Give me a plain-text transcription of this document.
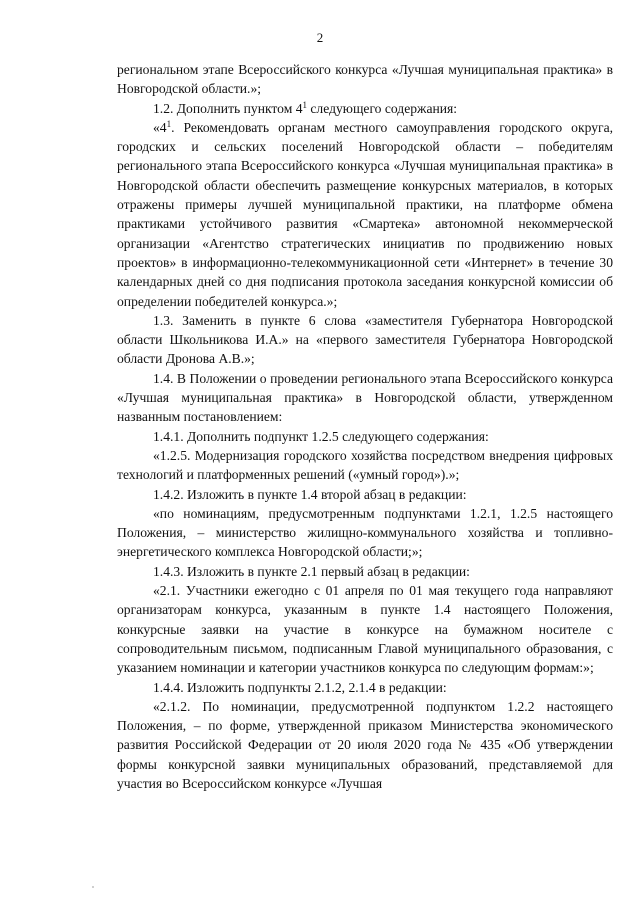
2

региональном этапе Всероссийского конкурса «Лучшая муниципальная практика» в Новгородской области.»;

1.2. Дополнить пунктом $4^1$ следующего содержания:

«$4^1$. Рекомендовать органам местного самоуправления городского округа, городских и сельских поселений Новгородской области – победителям регионального этапа Всероссийского конкурса «Лучшая муниципальная практика» в Новгородской области обеспечить размещение конкурсных материалов, в которых отражены примеры лучшей муниципальной практики, на платформе обмена практиками устойчивого развития «Смартека» автономной некоммерческой организации «Агентство стратегических инициатив по продвижению новых проектов» в информационно-телекоммуникационной сети «Интернет» в течение 30 календарных дней со дня подписания протокола заседания конкурсной комиссии об определении победителей конкурса.»;

1.3. Заменить в пункте 6 слова «заместителя Губернатора Новгородской области Школьникова И.А.» на «первого заместителя Губернатора Новгородской области Дронова А.В.»;

1.4. В Положении о проведении регионального этапа Всероссийского конкурса «Лучшая муниципальная практика» в Новгородской области, утвержденном названным постановлением:

1.4.1. Дополнить подпункт 1.2.5 следующего содержания:

«1.2.5. Модернизация городского хозяйства посредством внедрения цифровых технологий и платформенных решений («умный город»).»;

1.4.2. Изложить в пункте 1.4 второй абзац в редакции:

«по номинациям, предусмотренным подпунктами 1.2.1, 1.2.5 настоящего Положения, – министерство жилищно-коммунального хозяйства и топливно-энергетического комплекса Новгородской области;»;

1.4.3. Изложить в пункте 2.1 первый абзац в редакции:

«2.1. Участники ежегодно с 01 апреля по 01 мая текущего года направляют организаторам конкурса, указанным в пункте 1.4 настоящего Положения, конкурсные заявки на участие в конкурсе на бумажном носителе с сопроводительным письмом, подписанным Главой муниципального образования, с указанием номинации и категории участников конкурса по следующим формам:»;

1.4.4. Изложить подпункты 2.1.2, 2.1.4 в редакции:

«2.1.2. По номинации, предусмотренной подпунктом 1.2.2 настоящего Положения, – по форме, утвержденной приказом Министерства экономического развития Российской Федерации от 20 июля 2020 года № 435 «Об утверждении формы конкурсной заявки муниципальных образований, представляемой для участия во Всероссийском конкурсе «Лучшая
